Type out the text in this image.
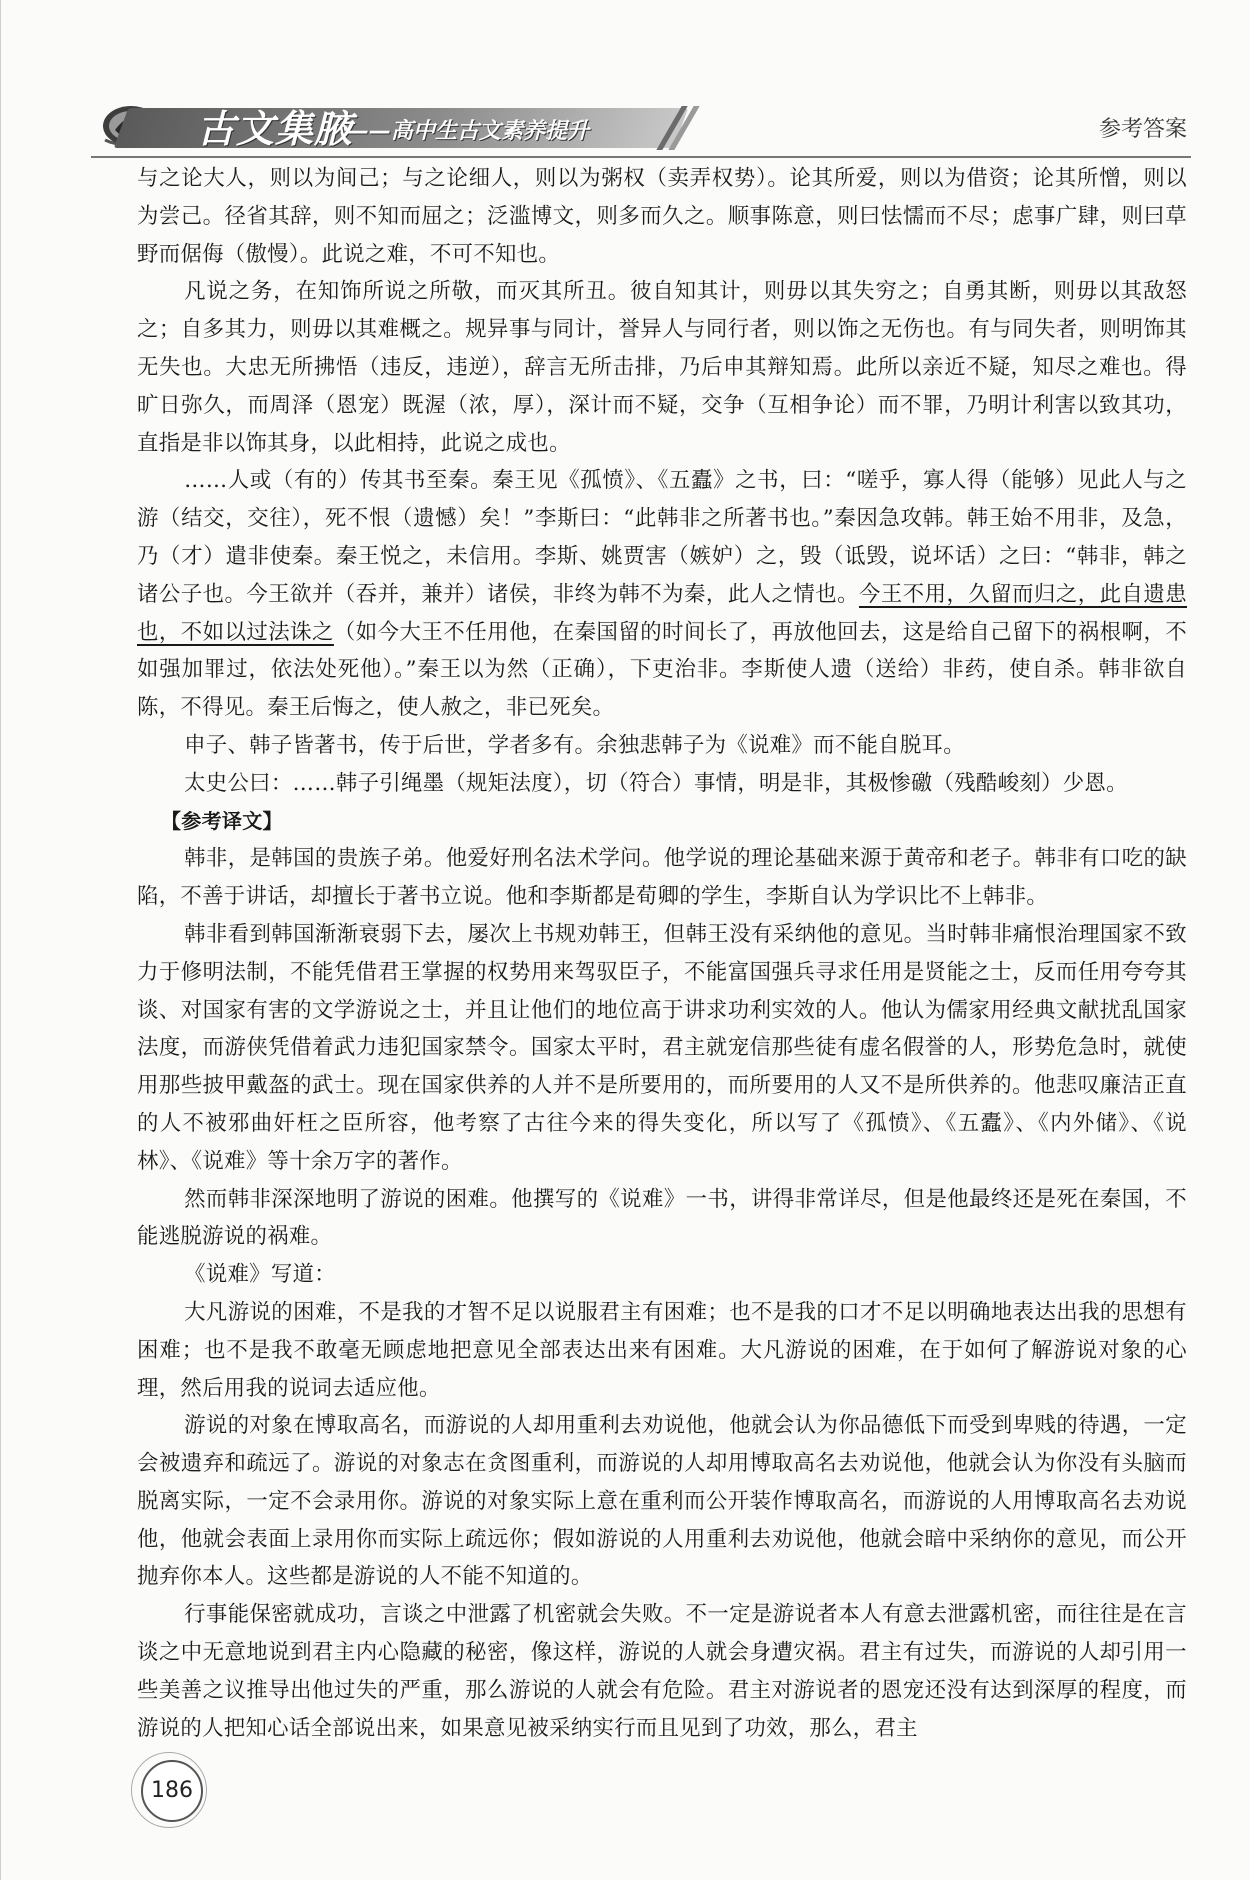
古文集腋
——高中生古文素养提升	参考答案

与之论大人，则以为间己；与之论细人，则以为粥权（卖弄权势）。论其所爱，则以为借资；论其所憎，则以为尝己。径省其辞，则不知而屈之；泛滥博文，则多而久之。顺事陈意，则曰怯懦而不尽；虑事广肆，则曰草野而倨侮（傲慢）。此说之难，不可不知也。

凡说之务，在知饰所说之所敬，而灭其所丑。彼自知其计，则毋以其失穷之；自勇其断，则毋以其敌怒之；自多其力，则毋以其难概之。规异事与同计，誉异人与同行者，则以饰之无伤也。有与同失者，则明饰其无失也。大忠无所拂悟（违反，违逆），辞言无所击排，乃后申其辩知焉。此所以亲近不疑，知尽之难也。得旷日弥久，而周泽（恩宠）既渥（浓，厚），深计而不疑，交争（互相争论）而不罪，乃明计利害以致其功，直指是非以饰其身，以此相持，此说之成也。

……人或（有的）传其书至秦。秦王见《孤愤》、《五蠹》之书，曰：“嗟乎，寡人得（能够）见此人与之游（结交，交往），死不恨（遗憾）矣！”李斯曰：“此韩非之所著书也。”秦因急攻韩。韩王始不用非，及急，乃（才）遣非使秦。秦王悦之，未信用。李斯、姚贾害（嫉妒）之，毁（诋毁，说坏话）之曰：“韩非，韩之诸公子也。今王欲并（吞并，兼并）诸侯，非终为韩不为秦，此人之情也。今王不用，久留而归之，此自遗患也，不如以过法诛之（如今大王不任用他，在秦国留的时间长了，再放他回去，这是给自己留下的祸根啊，不如强加罪过，依法处死他）。”秦王以为然（正确），下吏治非。李斯使人遗（送给）非药，使自杀。韩非欲自陈，不得见。秦王后悔之，使人赦之，非已死矣。

申子、韩子皆著书，传于后世，学者多有。余独悲韩子为《说难》而不能自脱耳。

太史公曰：……韩子引绳墨（规矩法度），切（符合）事情，明是非，其极惨礉（残酷峻刻）少恩。

【参考译文】

韩非，是韩国的贵族子弟。他爱好刑名法术学问。他学说的理论基础来源于黄帝和老子。韩非有口吃的缺陷，不善于讲话，却擅长于著书立说。他和李斯都是荀卿的学生，李斯自认为学识比不上韩非。

韩非看到韩国渐渐衰弱下去，屡次上书规劝韩王，但韩王没有采纳他的意见。当时韩非痛恨治理国家不致力于修明法制，不能凭借君王掌握的权势用来驾驭臣子，不能富国强兵寻求任用是贤能之士，反而任用夸夸其谈、对国家有害的文学游说之士，并且让他们的地位高于讲求功利实效的人。他认为儒家用经典文献扰乱国家法度，而游侠凭借着武力违犯国家禁令。国家太平时，君主就宠信那些徒有虚名假誉的人，形势危急时，就使用那些披甲戴盔的武士。现在国家供养的人并不是所要用的，而所要用的人又不是所供养的。他悲叹廉洁正直的人不被邪曲奸枉之臣所容，他考察了古往今来的得失变化，所以写了《孤愤》、《五蠹》、《内外储》、《说林》、《说难》等十余万字的著作。

然而韩非深深地明了游说的困难。他撰写的《说难》一书，讲得非常详尽，但是他最终还是死在秦国，不能逃脱游说的祸难。

《说难》写道：

大凡游说的困难，不是我的才智不足以说服君主有困难；也不是我的口才不足以明确地表达出我的思想有困难；也不是我不敢毫无顾虑地把意见全部表达出来有困难。大凡游说的困难，在于如何了解游说对象的心理，然后用我的说词去适应他。

游说的对象在博取高名，而游说的人却用重利去劝说他，他就会认为你品德低下而受到卑贱的待遇，一定会被遗弃和疏远了。游说的对象志在贪图重利，而游说的人却用博取高名去劝说他，他就会认为你没有头脑而脱离实际，一定不会录用你。游说的对象实际上意在重利而公开装作博取高名，而游说的人用博取高名去劝说他，他就会表面上录用你而实际上疏远你；假如游说的人用重利去劝说他，他就会暗中采纳你的意见，而公开抛弃你本人。这些都是游说的人不能不知道的。

行事能保密就成功，言谈之中泄露了机密就会失败。不一定是游说者本人有意去泄露机密，而往往是在言谈之中无意地说到君主内心隐藏的秘密，像这样，游说的人就会身遭灾祸。君主有过失，而游说的人却引用一些美善之议推导出他过失的严重，那么游说的人就会有危险。君主对游说者的恩宠还没有达到深厚的程度，而游说的人把知心话全部说出来，如果意见被采纳实行而且见到了功效，那么，君主

186
